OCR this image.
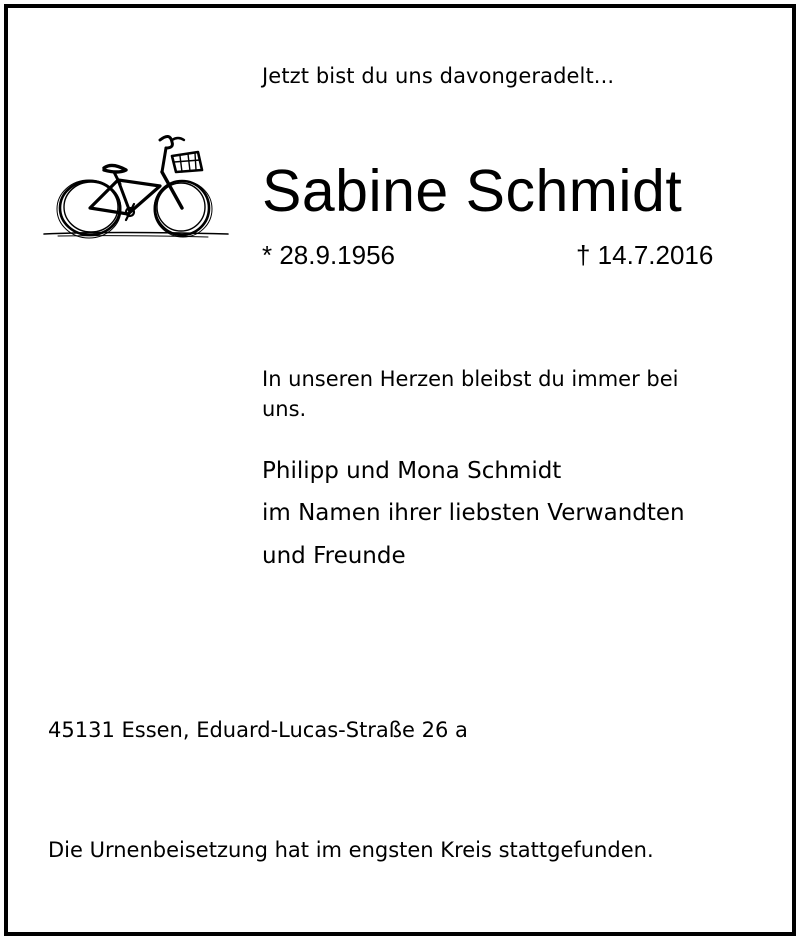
Jetzt bist du uns davongeradelt...
Sabine Schmidt
* 28.9.1956	† 14.7.2016
In unseren Herzen bleibst du immer bei
uns.
Philipp und Mona Schmidt
im Namen ihrer liebsten Verwandten
und Freunde
45131 Essen, Eduard-Lucas-Straße 26 a
Die Urnenbeisetzung hat im engsten Kreis stattgefunden.
